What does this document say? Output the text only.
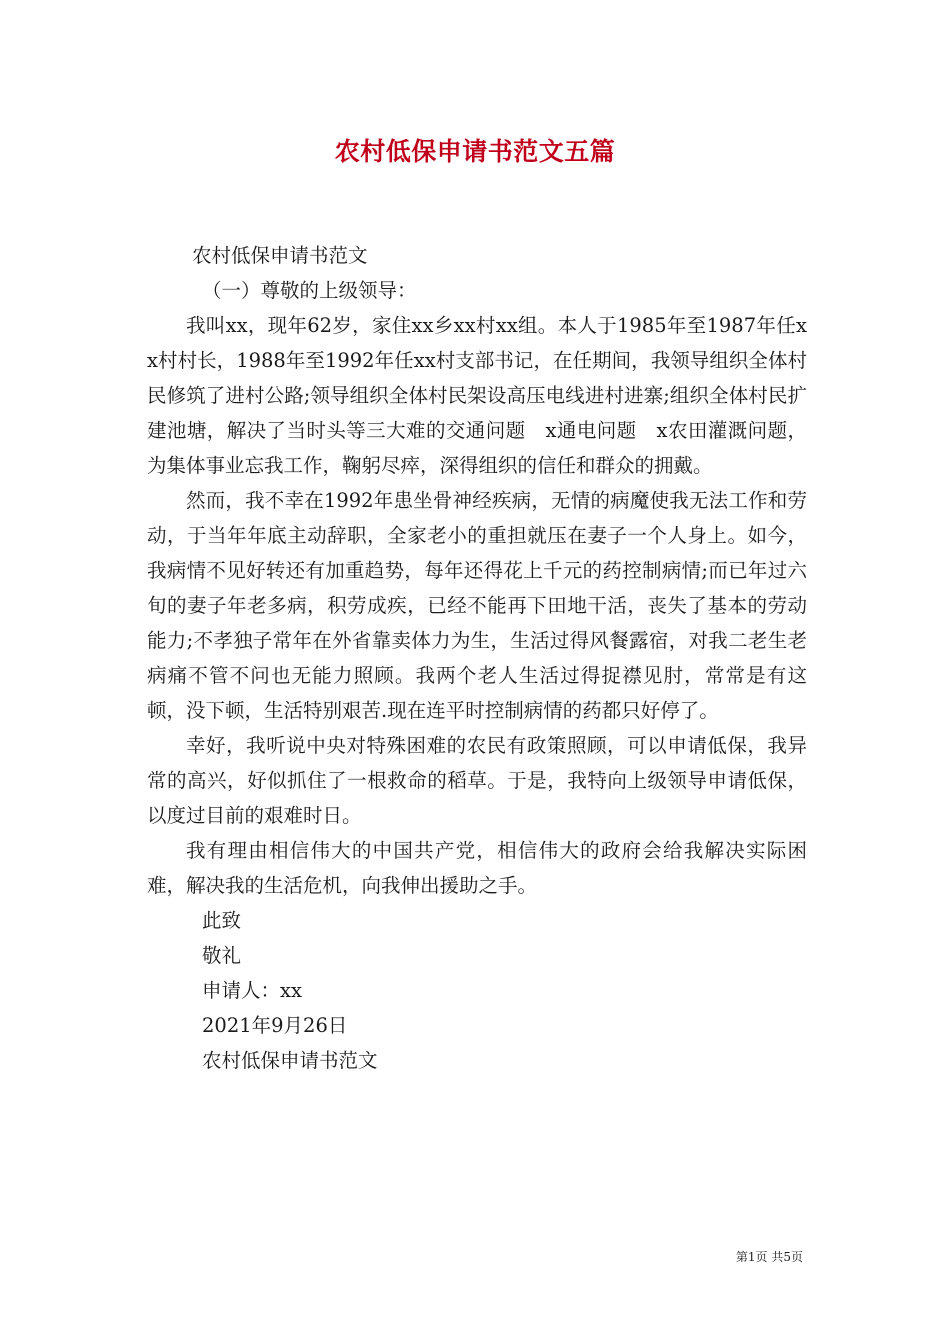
农村低保申请书范文五篇

农村低保申请书范文

（一）尊敬的上级领导：

我叫xx，现年62岁，家住xx乡xx村xx组。本人于1985年至1987年任xx村村长，1988年至1992年任xx村支部书记，在任期间，我领导组织全体村民修筑了进村公路;领导组织全体村民架设高压电线进村进寨;组织全体村民扩建池塘，解决了当时头等三大难的交通问题　x通电问题　x农田灌溉问题，为集体事业忘我工作，鞠躬尽瘁，深得组织的信任和群众的拥戴。

然而，我不幸在1992年患坐骨神经疾病，无情的病魔使我无法工作和劳动，于当年年底主动辞职，全家老小的重担就压在妻子一个人身上。如今，我病情不见好转还有加重趋势，每年还得花上千元的药控制病情;而已年过六旬的妻子年老多病，积劳成疾，已经不能再下田地干活，丧失了基本的劳动能力;不孝独子常年在外省靠卖体力为生，生活过得风餐露宿，对我二老生老病痛不管不问也无能力照顾。我两个老人生活过得捉襟见肘，常常是有这顿，没下顿，生活特别艰苦.现在连平时控制病情的药都只好停了。

幸好，我听说中央对特殊困难的农民有政策照顾，可以申请低保，我异常的高兴，好似抓住了一根救命的稻草。于是，我特向上级领导申请低保，以度过目前的艰难时日。

我有理由相信伟大的中国共产党，相信伟大的政府会给我解决实际困难，解决我的生活危机，向我伸出援助之手。

此致

敬礼

申请人：xx

2021年9月26日

农村低保申请书范文

第1页 共5页
